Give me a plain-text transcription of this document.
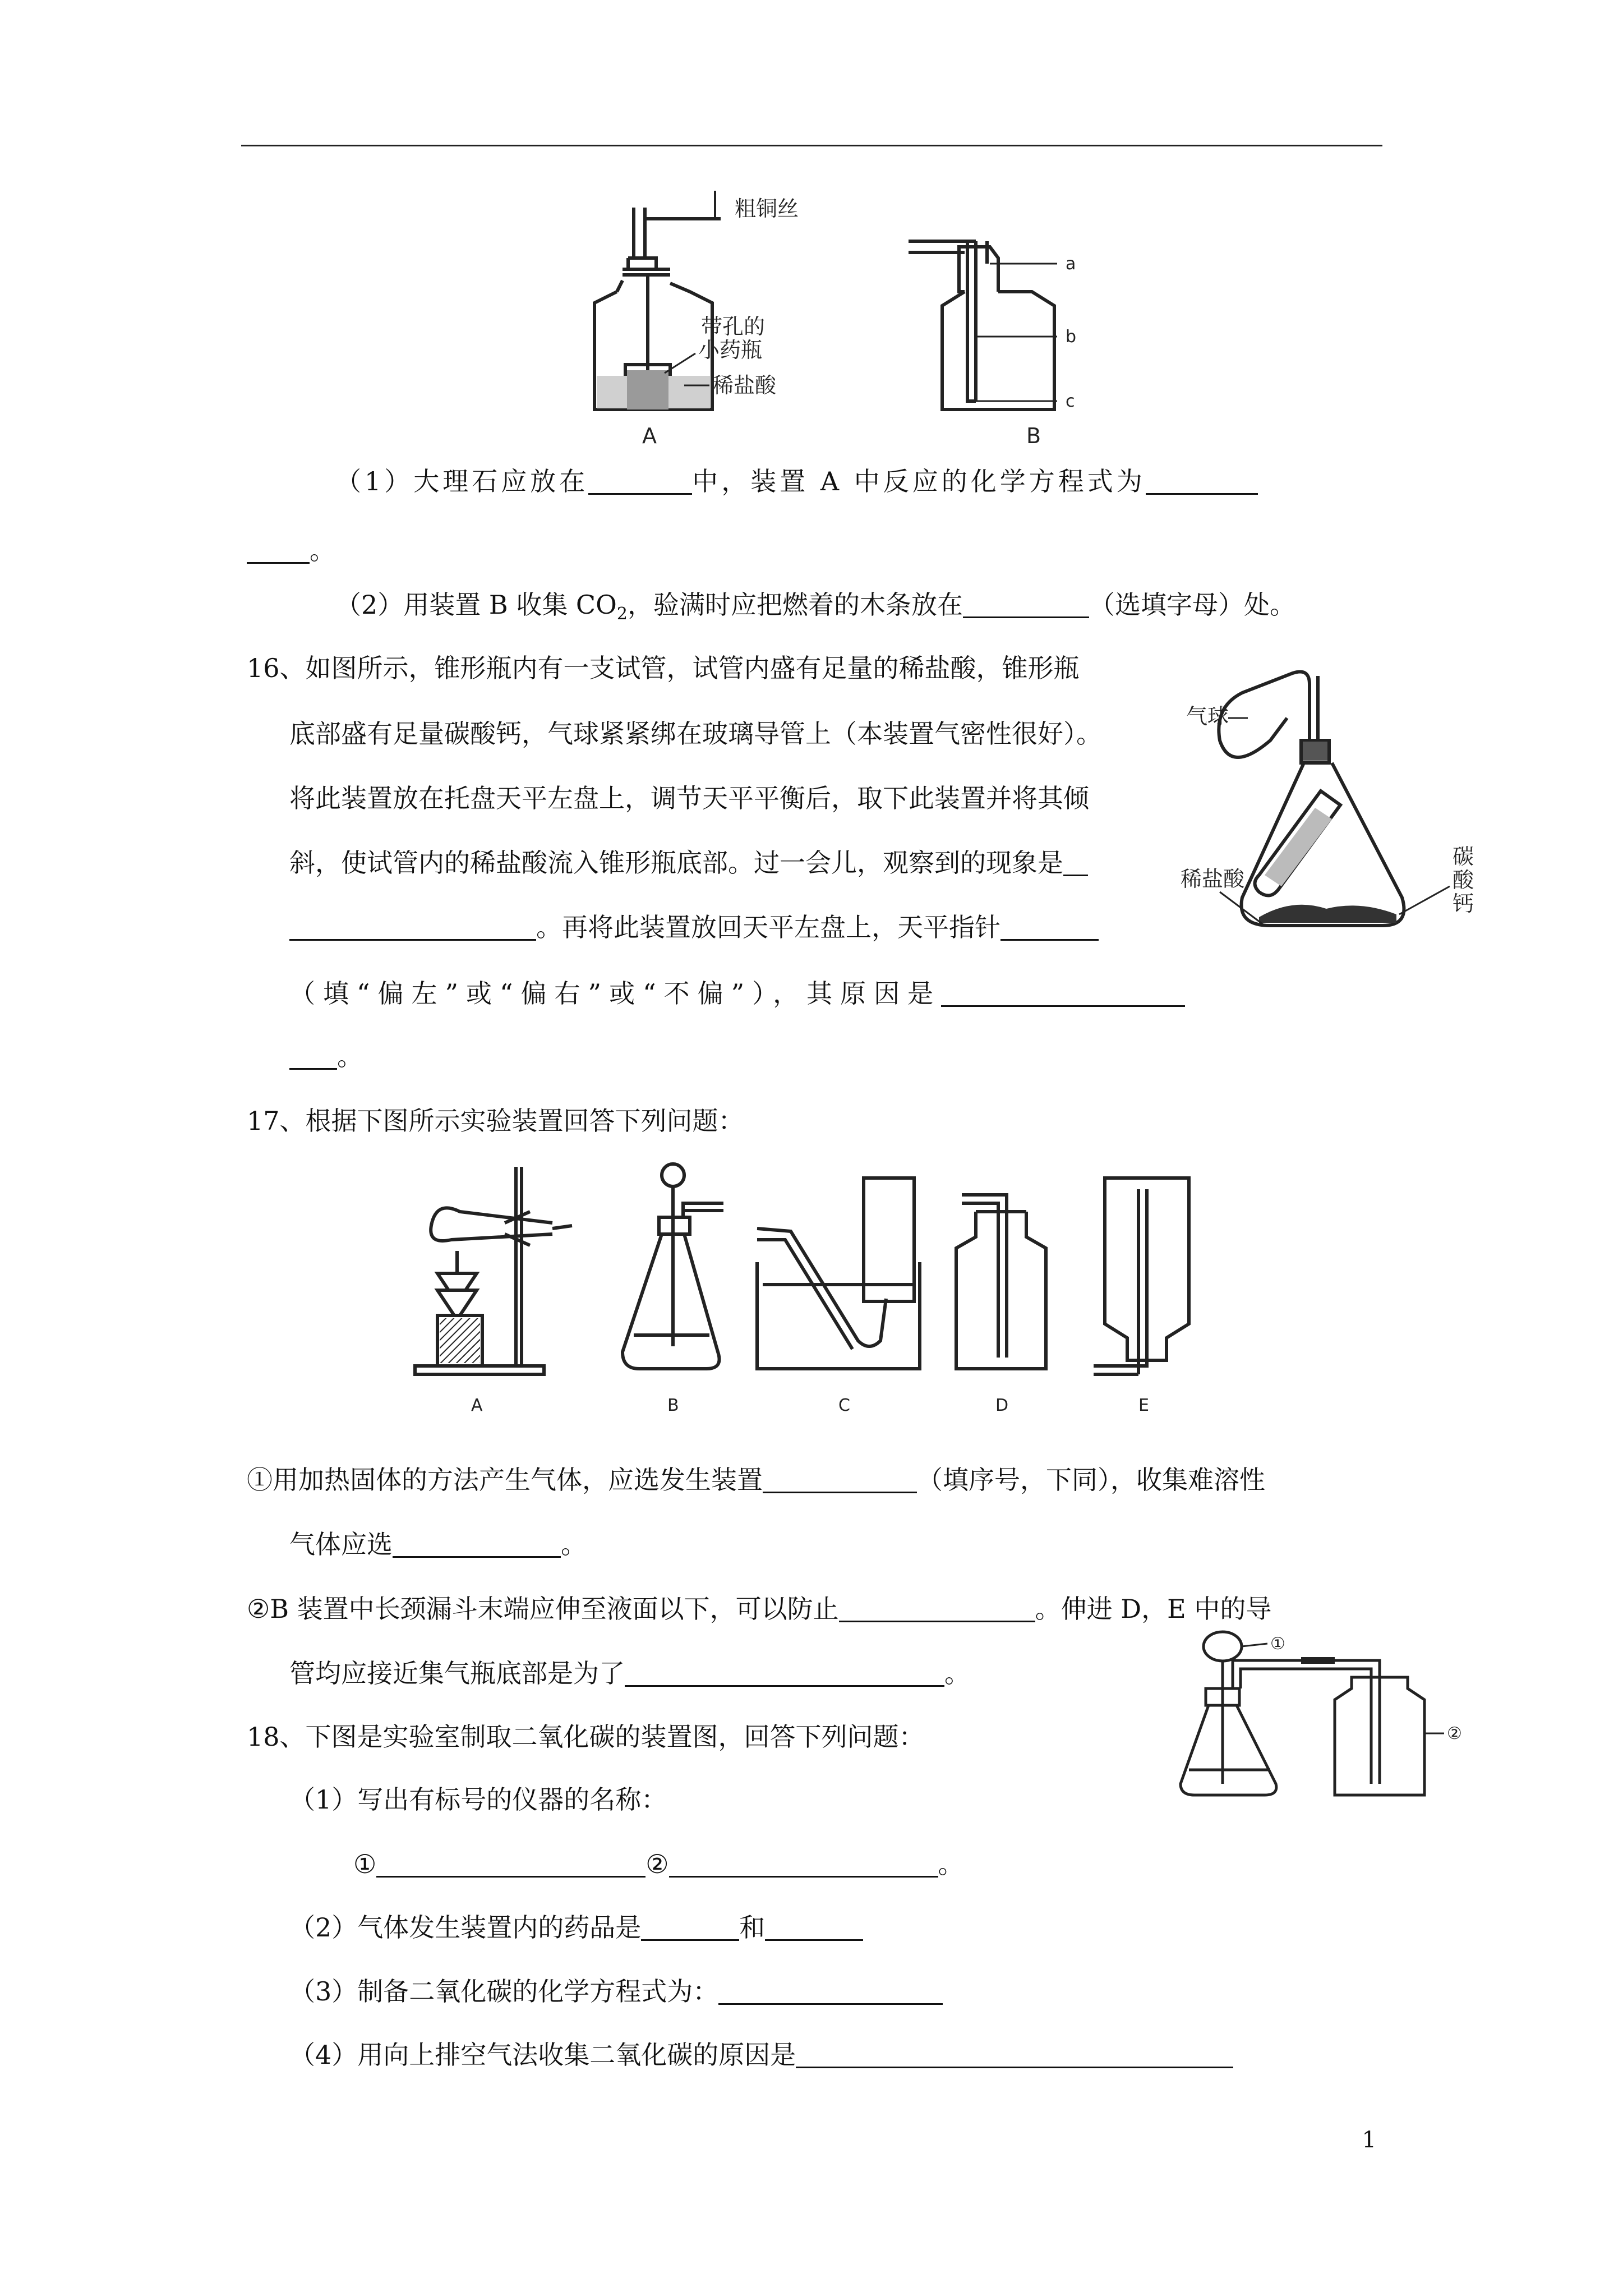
粗铜丝
带孔的
小药瓶
稀盐酸
A
a
b
c
B
（1）大理石应放在	中，装置 A 中反应的化学方程式为
。
（2）用装置 B 收集 $CO_2$，验满时应把燃着的木条放在	（选填字母）处。
16、如图所示，锥形瓶内有一支试管，试管内盛有足量的稀盐酸，锥形瓶
底部盛有足量碳酸钙，气球紧紧绑在玻璃导管上（本装置气密性很好）。
将此装置放在托盘天平左盘上，调节天平平衡后，取下此装置并将其倾
斜，使试管内的稀盐酸流入锥形瓶底部。过一会儿，观察到的现象是
。再将此装置放回天平左盘上，天平指针
（填“偏左”或“偏右”或“不偏”），其原因是
。
气球
稀盐酸
碳
酸
钙
17、根据下图所示实验装置回答下列问题：
A	B	C	D	E
①用加热固体的方法产生气体，应选发生装置	（填序号，下同），收集难溶性
气体应选	。
②B 装置中长颈漏斗末端应伸至液面以下，可以防止	。伸进 D，E 中的导
管均应接近集气瓶底部是为了	。
18、下图是实验室制取二氧化碳的装置图，回答下列问题：
（1）写出有标号的仪器的名称：
①	②	。
（2）气体发生装置内的药品是	和
（3）制备二氧化碳的化学方程式为：
（4）用向上排空气法收集二氧化碳的原因是
①
②
1
